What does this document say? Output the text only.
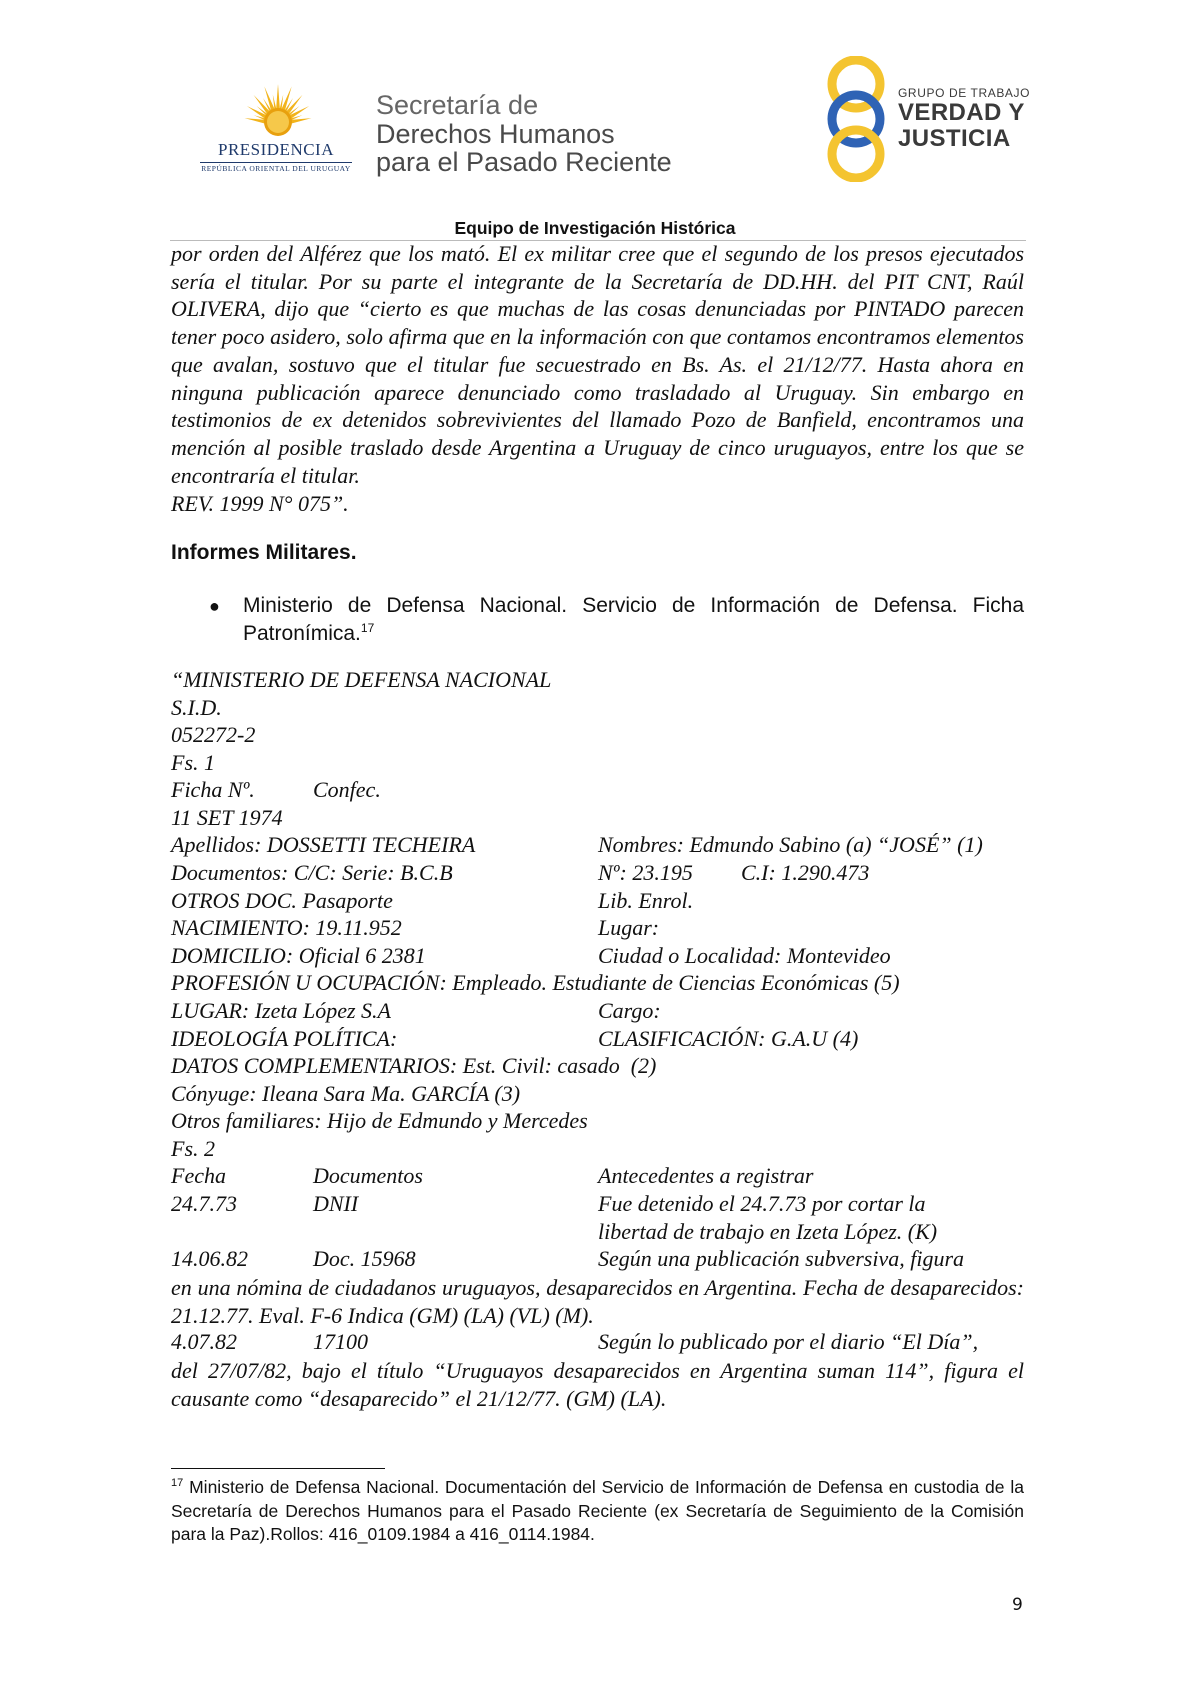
PRESIDENCIA
REPÚBLICA ORIENTAL DEL URUGUAY
Secretaría de
Derechos Humanos
para el Pasado Reciente
GRUPO DE TRABAJO
VERDAD Y
JUSTICIA
Equipo de Investigación Histórica

por orden del Alférez que los mató. El ex militar cree que el segundo de los presos ejecutados sería el titular. Por su parte el integrante de la Secretaría de DD.HH. del PIT CNT, Raúl OLIVERA, dijo que “cierto es que muchas de las cosas denunciadas por PINTADO parecen tener poco asidero, solo afirma que en la información con que contamos encontramos elementos que avalan, sostuvo que el titular fue secuestrado en Bs. As. el 21/12/77. Hasta ahora en ninguna publicación aparece denunciado como trasladado al Uruguay. Sin embargo en testimonios de ex detenidos sobrevivientes del llamado Pozo de Banfield, encontramos una mención al posible traslado desde Argentina a Uruguay de cinco uruguayos, entre los que se encontraría el titular.

REV. 1999 N° 075”.
Informes Militares.
● Ministerio de Defensa Nacional. Servicio de Información de Defensa. Ficha Patronímica.$^{17}$

“MINISTERIO DE DEFENSA NACIONAL
S.I.D.
052272-2
Fs. 1
Ficha Nº.	Confec.
11 SET 1974
Apellidos: DOSSETTI TECHEIRA	Nombres: Edmundo Sabino (a) “JOSÉ” (1)
Documentos: C/C: Serie: B.C.B	Nº: 23.195 C.I: 1.290.473
OTROS DOC. Pasaporte	Lib. Enrol.
NACIMIENTO: 19.11.952	Lugar:
DOMICILIO: Oficial 6 2381	Ciudad o Localidad: Montevideo
PROFESIÓN U OCUPACIÓN: Empleado. Estudiante de Ciencias Económicas (5)
LUGAR: Izeta López S.A	Cargo:
IDEOLOGÍA POLÍTICA:	CLASIFICACIÓN: G.A.U (4)
DATOS COMPLEMENTARIOS: Est. Civil: casado  (2)
Cónyuge: Ileana Sara Ma. GARCÍA (3)
Otros familiares: Hijo de Edmundo y Mercedes
Fs. 2
Fecha	Documentos	Antecedentes a registrar
24.7.73	DNII	Fue detenido el 24.7.73 por cortar la
libertad de trabajo en Izeta López. (K)
14.06.82	Doc. 15968	Según una publicación subversiva, figura

en una nómina de ciudadanos uruguayos, desaparecidos en Argentina. Fecha de desaparecidos: 21.12.77. Eval. F-6 Indica (GM) (LA) (VL) (M).

4.07.82	17100	Según lo publicado por el diario “El Día”,

del 27/07/82, bajo el título “Uruguayos desaparecidos en Argentina suman 114”, figura el causante como “desaparecido” el 21/12/77. (GM) (LA).

$^{17}$ Ministerio de Defensa Nacional. Documentación del Servicio de Información de Defensa en custodia de la Secretaría de Derechos Humanos para el Pasado Reciente (ex Secretaría de Seguimiento de la Comisión para la Paz).Rollos: 416_0109.1984 a 416_0114.1984.

9
